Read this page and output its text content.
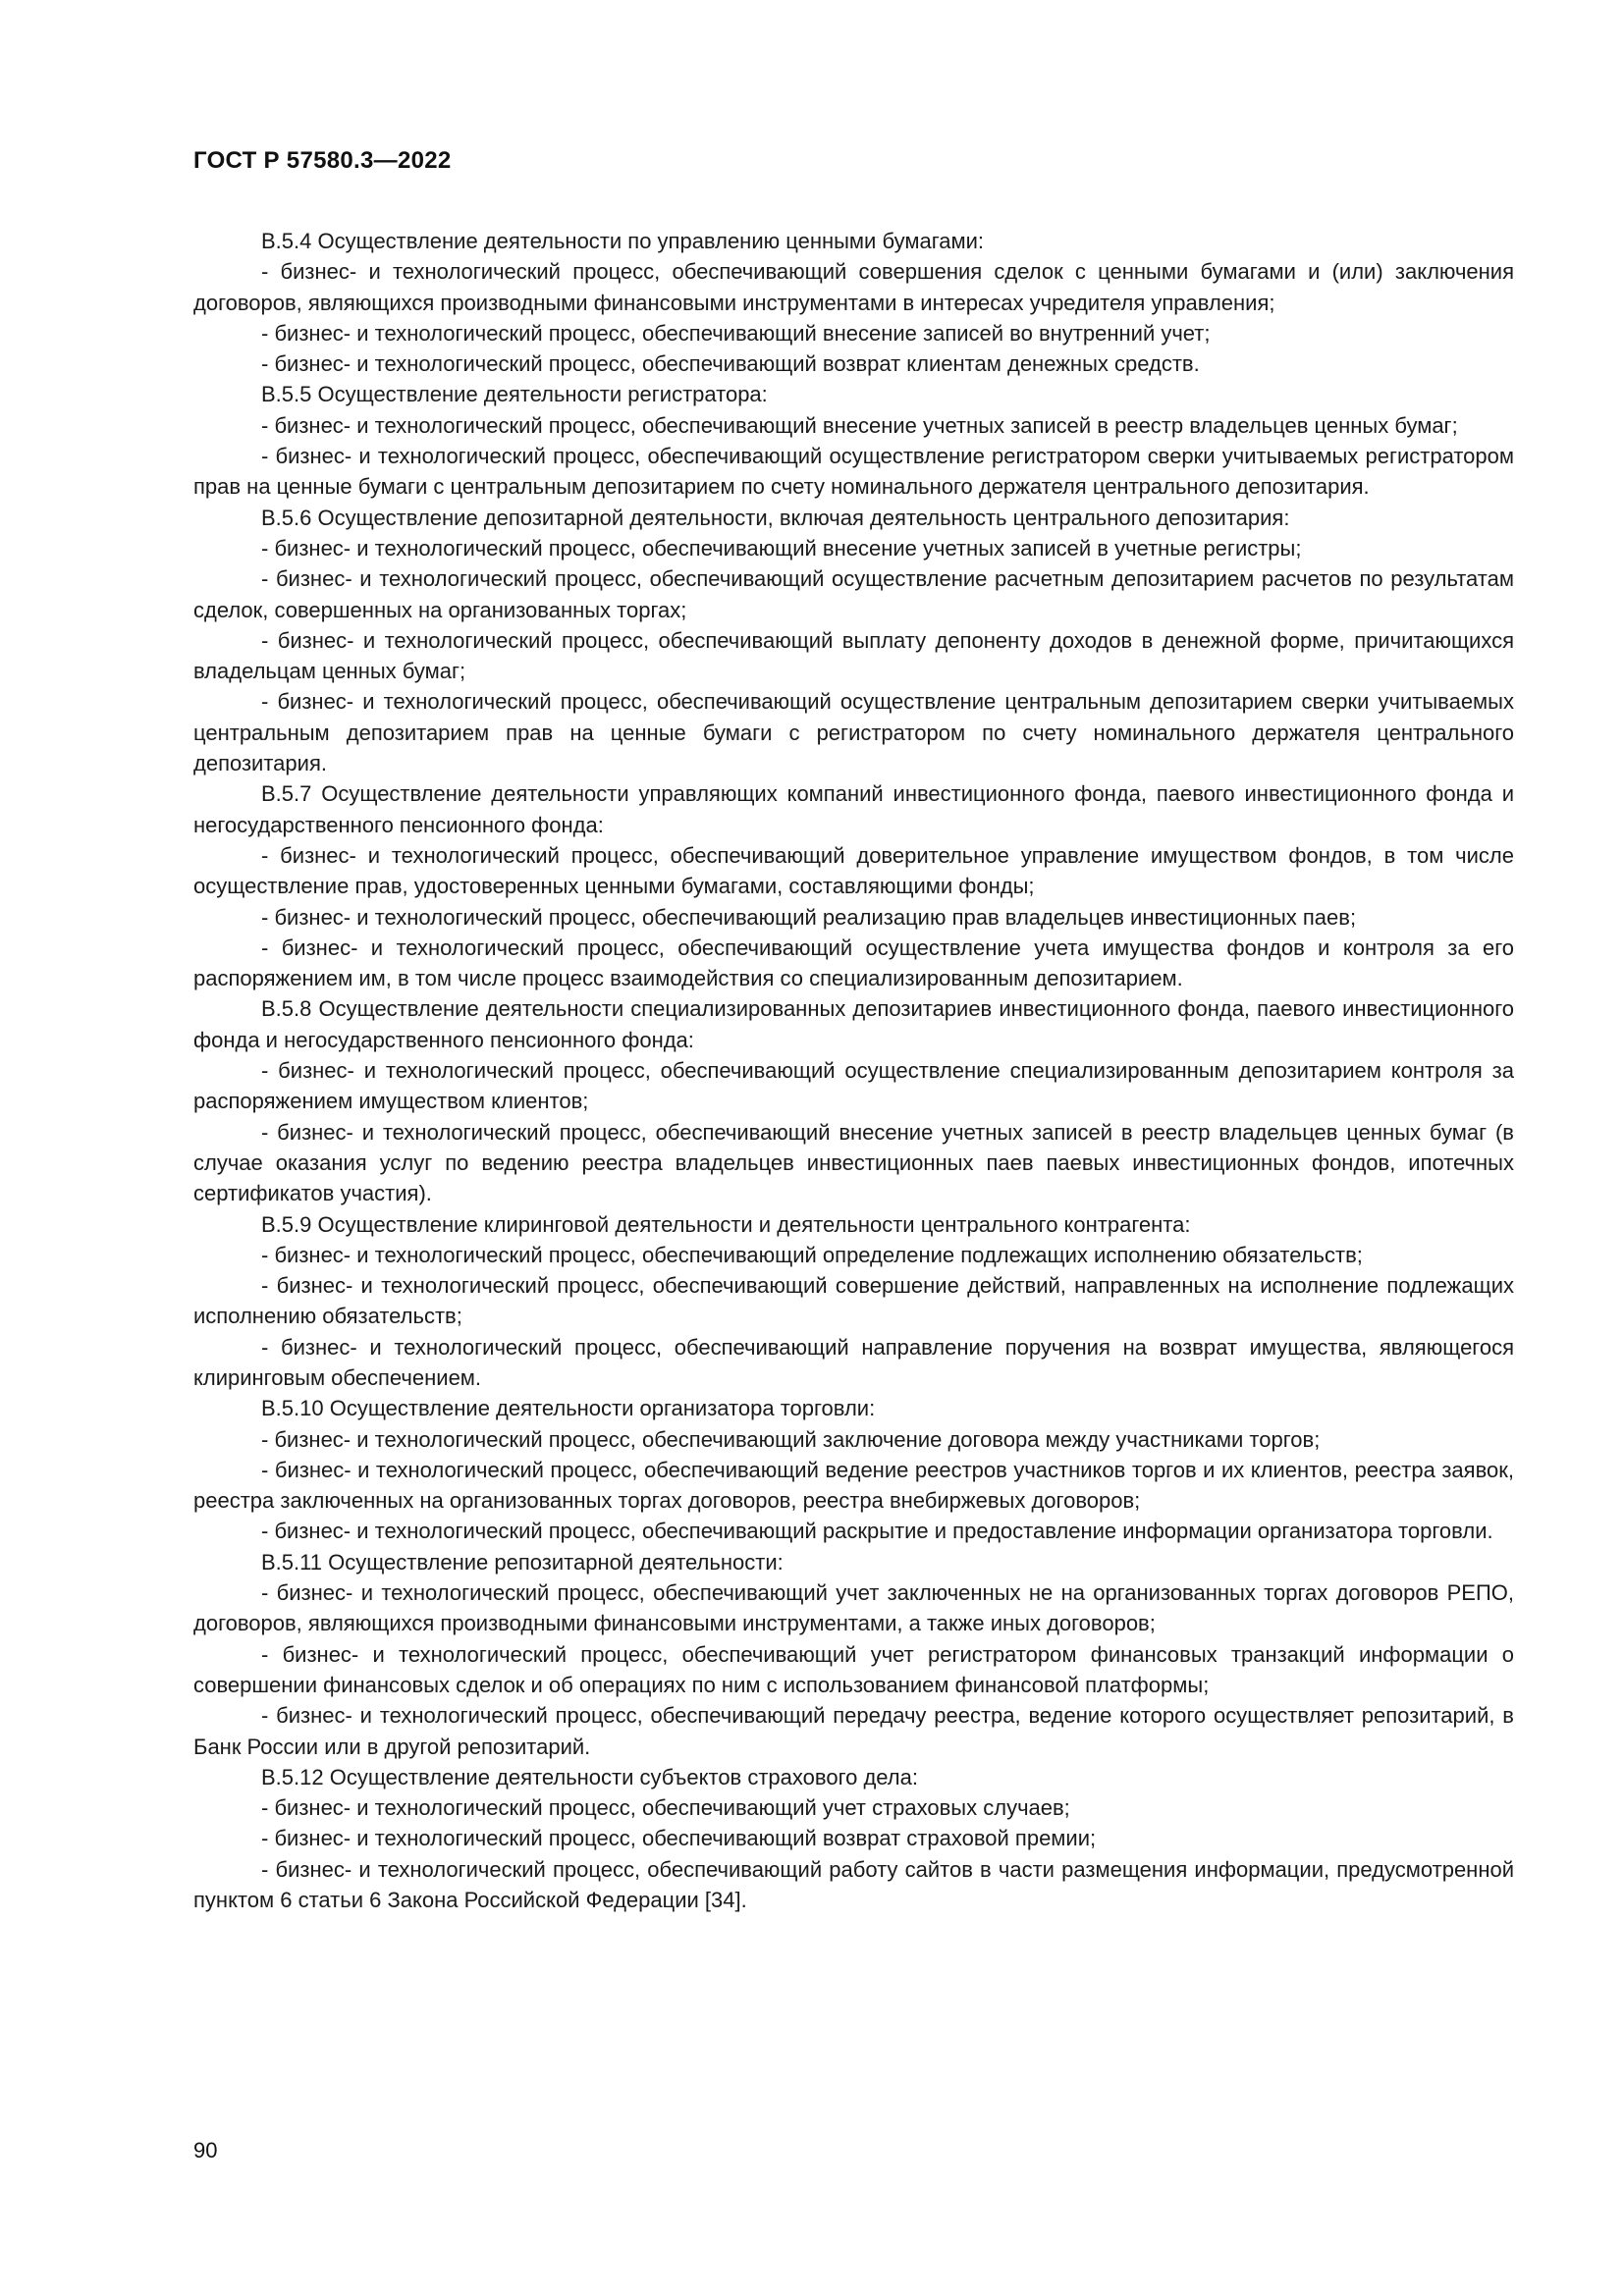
ГОСТ Р 57580.3—2022

В.5.4 Осуществление деятельности по управлению ценными бумагами:

- бизнес- и технологический процесс, обеспечивающий совершения сделок с ценными бумагами и (или) заключения договоров, являющихся производными финансовыми инструментами в интересах учредителя управления;

- бизнес- и технологический процесс, обеспечивающий внесение записей во внутренний учет;

- бизнес- и технологический процесс, обеспечивающий возврат клиентам денежных средств.

В.5.5 Осуществление деятельности регистратора:

- бизнес- и технологический процесс, обеспечивающий внесение учетных записей в реестр владельцев ценных бумаг;

- бизнес- и технологический процесс, обеспечивающий осуществление регистратором сверки учитываемых регистратором прав на ценные бумаги с центральным депозитарием по счету номинального держателя центрального депозитария.

В.5.6 Осуществление депозитарной деятельности, включая деятельность центрального депозитария:

- бизнес- и технологический процесс, обеспечивающий внесение учетных записей в учетные регистры;

- бизнес- и технологический процесс, обеспечивающий осуществление расчетным депозитарием расчетов по результатам сделок, совершенных на организованных торгах;

- бизнес- и технологический процесс, обеспечивающий выплату депоненту доходов в денежной форме, причитающихся владельцам ценных бумаг;

- бизнес- и технологический процесс, обеспечивающий осуществление центральным депозитарием сверки учитываемых центральным депозитарием прав на ценные бумаги с регистратором по счету номинального держателя центрального депозитария.

В.5.7 Осуществление деятельности управляющих компаний инвестиционного фонда, паевого инвестиционного фонда и негосударственного пенсионного фонда:

- бизнес- и технологический процесс, обеспечивающий доверительное управление имуществом фондов, в том числе осуществление прав, удостоверенных ценными бумагами, составляющими фонды;

- бизнес- и технологический процесс, обеспечивающий реализацию прав владельцев инвестиционных паев;

- бизнес- и технологический процесс, обеспечивающий осуществление учета имущества фондов и контроля за его распоряжением им, в том числе процесс взаимодействия со специализированным депозитарием.

В.5.8 Осуществление деятельности специализированных депозитариев инвестиционного фонда, паевого инвестиционного фонда и негосударственного пенсионного фонда:

- бизнес- и технологический процесс, обеспечивающий осуществление специализированным депозитарием контроля за распоряжением имуществом клиентов;

- бизнес- и технологический процесс, обеспечивающий внесение учетных записей в реестр владельцев ценных бумаг (в случае оказания услуг по ведению реестра владельцев инвестиционных паев паевых инвестиционных фондов, ипотечных сертификатов участия).

В.5.9 Осуществление клиринговой деятельности и деятельности центрального контрагента:

- бизнес- и технологический процесс, обеспечивающий определение подлежащих исполнению обязательств;

- бизнес- и технологический процесс, обеспечивающий совершение действий, направленных на исполнение подлежащих исполнению обязательств;

- бизнес- и технологический процесс, обеспечивающий направление поручения на возврат имущества, являющегося клиринговым обеспечением.

В.5.10 Осуществление деятельности организатора торговли:

- бизнес- и технологический процесс, обеспечивающий заключение договора между участниками торгов;

- бизнес- и технологический процесс, обеспечивающий ведение реестров участников торгов и их клиентов, реестра заявок, реестра заключенных на организованных торгах договоров, реестра внебиржевых договоров;

- бизнес- и технологический процесс, обеспечивающий раскрытие и предоставление информации организатора торговли.

В.5.11 Осуществление репозитарной деятельности:

- бизнес- и технологический процесс, обеспечивающий учет заключенных не на организованных торгах договоров РЕПО, договоров, являющихся производными финансовыми инструментами, а также иных договоров;

- бизнес- и технологический процесс, обеспечивающий учет регистратором финансовых транзакций информации о совершении финансовых сделок и об операциях по ним с использованием финансовой платформы;

- бизнес- и технологический процесс, обеспечивающий передачу реестра, ведение которого осуществляет репозитарий, в Банк России или в другой репозитарий.

В.5.12 Осуществление деятельности субъектов страхового дела:

- бизнес- и технологический процесс, обеспечивающий учет страховых случаев;

- бизнес- и технологический процесс, обеспечивающий возврат страховой премии;

- бизнес- и технологический процесс, обеспечивающий работу сайтов в части размещения информации, предусмотренной пунктом 6 статьи 6 Закона Российской Федерации [34].

90
